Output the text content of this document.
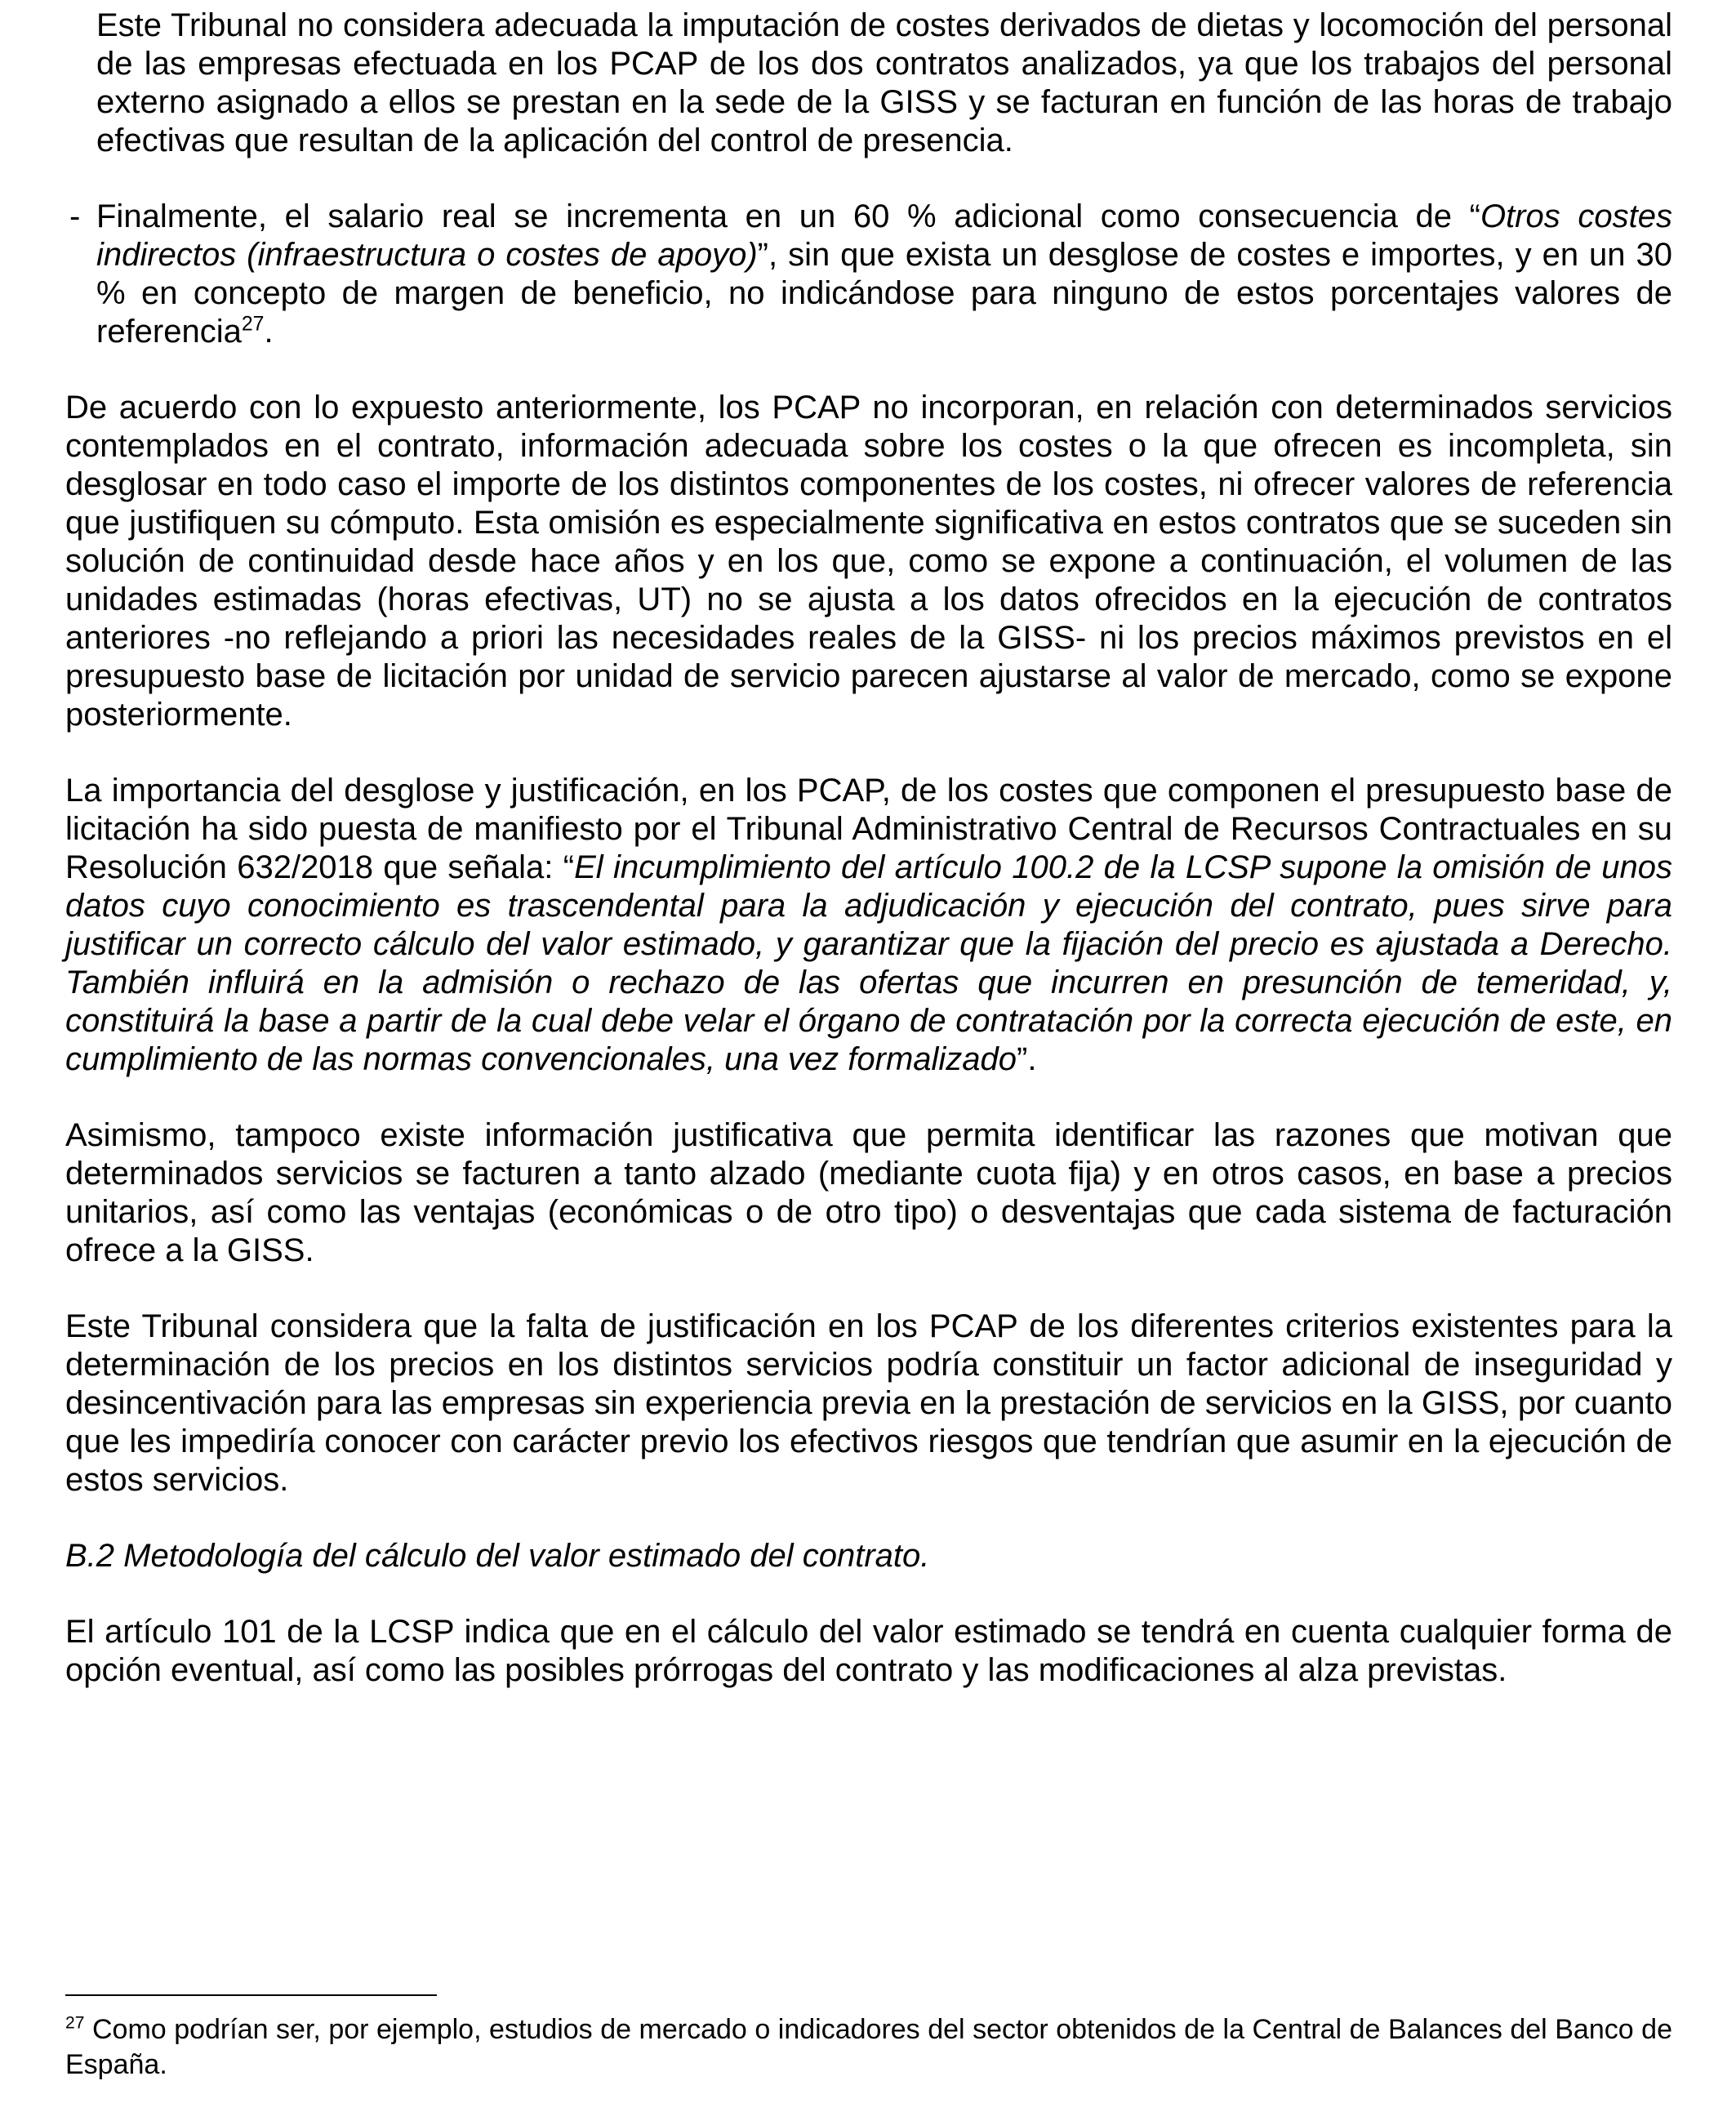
Este Tribunal no considera adecuada la imputación de costes derivados de dietas y locomoción del personal de las empresas efectuada en los PCAP de los dos contratos analizados, ya que los trabajos del personal externo asignado a ellos se prestan en la sede de la GISS y se facturan en función de las horas de trabajo efectivas que resultan de la aplicación del control de presencia.
- Finalmente, el salario real se incrementa en un 60 % adicional como consecuencia de “Otros costes indirectos (infraestructura o costes de apoyo)”, sin que exista un desglose de costes e importes, y en un 30 % en concepto de margen de beneficio, no indicándose para ninguno de estos porcentajes valores de referencia$^{27}$.
De acuerdo con lo expuesto anteriormente, los PCAP no incorporan, en relación con determinados servicios contemplados en el contrato, información adecuada sobre los costes o la que ofrecen es incompleta, sin desglosar en todo caso el importe de los distintos componentes de los costes, ni ofrecer valores de referencia que justifiquen su cómputo. Esta omisión es especialmente significativa en estos contratos que se suceden sin solución de continuidad desde hace años y en los que, como se expone a continuación, el volumen de las unidades estimadas (horas efectivas, UT) no se ajusta a los datos ofrecidos en la ejecución de contratos anteriores -no reflejando a priori las necesidades reales de la GISS- ni los precios máximos previstos en el presupuesto base de licitación por unidad de servicio parecen ajustarse al valor de mercado, como se expone posteriormente.
La importancia del desglose y justificación, en los PCAP, de los costes que componen el presupuesto base de licitación ha sido puesta de manifiesto por el Tribunal Administrativo Central de Recursos Contractuales en su Resolución 632/2018 que señala: “El incumplimiento del artículo 100.2 de la LCSP supone la omisión de unos datos cuyo conocimiento es trascendental para la adjudicación y ejecución del contrato, pues sirve para justificar un correcto cálculo del valor estimado, y garantizar que la fijación del precio es ajustada a Derecho. También influirá en la admisión o rechazo de las ofertas que incurren en presunción de temeridad, y, constituirá la base a partir de la cual debe velar el órgano de contratación por la correcta ejecución de este, en cumplimiento de las normas convencionales, una vez formalizado”.
Asimismo, tampoco existe información justificativa que permita identificar las razones que motivan que determinados servicios se facturen a tanto alzado (mediante cuota fija) y en otros casos, en base a precios unitarios, así como las ventajas (económicas o de otro tipo) o desventajas que cada sistema de facturación ofrece a la GISS.
Este Tribunal considera que la falta de justificación en los PCAP de los diferentes criterios existentes para la determinación de los precios en los distintos servicios podría constituir un factor adicional de inseguridad y desincentivación para las empresas sin experiencia previa en la prestación de servicios en la GISS, por cuanto que les impediría conocer con carácter previo los efectivos riesgos que tendrían que asumir en la ejecución de estos servicios.
B.2 Metodología del cálculo del valor estimado del contrato.
El artículo 101 de la LCSP indica que en el cálculo del valor estimado se tendrá en cuenta cualquier forma de opción eventual, así como las posibles prórrogas del contrato y las modificaciones al alza previstas.
$^{27}$ Como podrían ser, por ejemplo, estudios de mercado o indicadores del sector obtenidos de la Central de Balances del Banco de España.
